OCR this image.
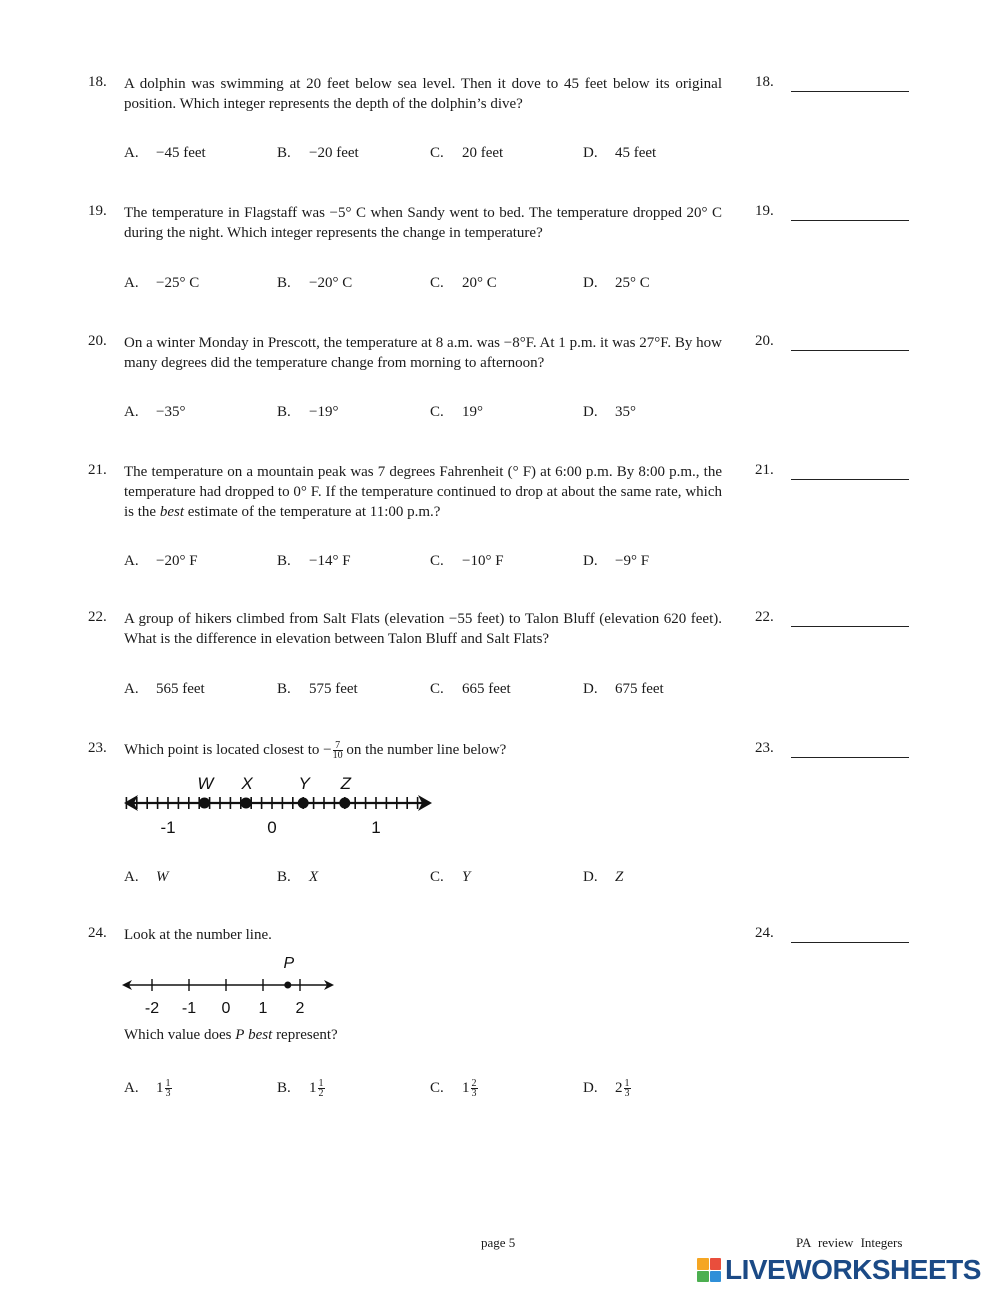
18. A dolphin was swimming at 20 feet below sea level. Then it dove to 45 feet below its original position. Which integer represents the depth of the dolphin’s dive?
18.
A. −45 feet	B. −20 feet	C. 20 feet	D. 45 feet
19. The temperature in Flagstaff was −5° C when Sandy went to bed. The temperature dropped 20° C during the night. Which integer represents the change in temperature?
19.
A. −25° C	B. −20° C	C. 20° C	D. 25° C
20. On a winter Monday in Prescott, the temperature at 8 a.m. was −8°F. At 1 p.m. it was 27°F. By how many degrees did the temperature change from morning to afternoon?
20.
A. −35°	B. −19°	C. 19°	D. 35°
21. The temperature on a mountain peak was 7 degrees Fahrenheit (° F) at 6:00 p.m. By 8:00 p.m., the temperature had dropped to 0° F. If the temperature continued to drop at about the same rate, which is the best estimate of the temperature at 11:00 p.m.?
21.
A. −20° F	B. −14° F	C. −10° F	D. −9° F
22. A group of hikers climbed from Salt Flats (elevation −55 feet) to Talon Bluff (elevation 620 feet). What is the difference in elevation between Talon Bluff and Salt Flats?
22.
A. 565 feet	B. 575 feet	C. 665 feet	D. 675 feet
23. Which point is located closest to − $\frac{7}{10}$ on the number line below?	23.
-1	0	1
W X	Y Z
A. W	B. X	C. Y	D. Z
24. Look at the number line.	24.
-2 -1 0 1 2
P
Which value does P best represent?
A. $1 \frac{1}{3}$	B. $1 \frac{1}{2}$	C. $1 \frac{2}{3}$	D. $2 \frac{1}{3}$
page 5	PA review Integers
LIVEWORKSHEETS
